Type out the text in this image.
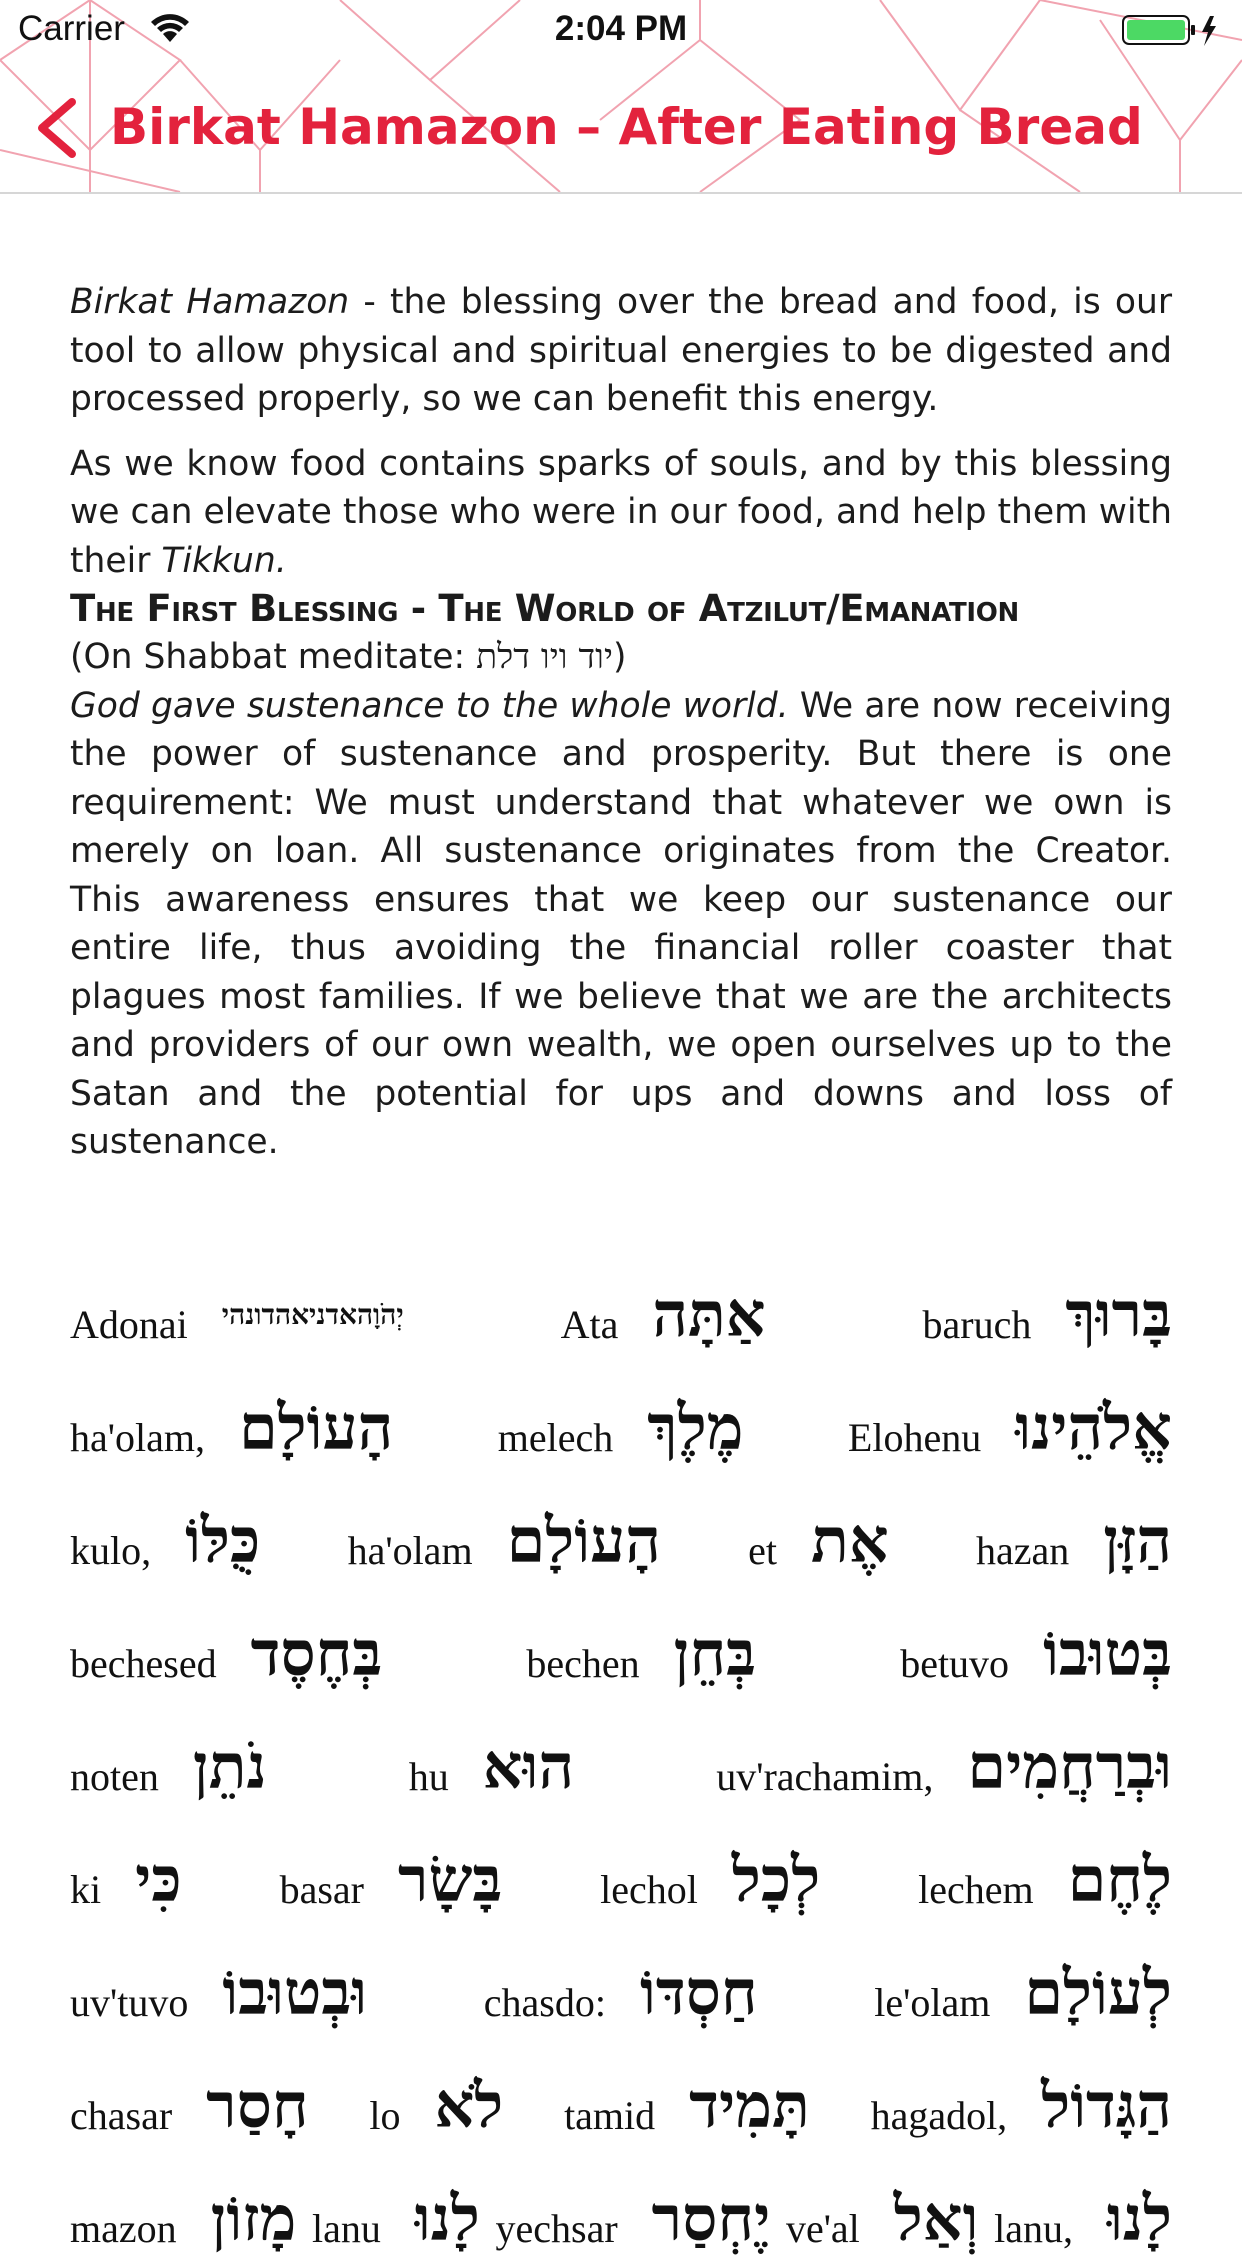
Carrier	2:04 PM
Birkat Hamazon – After Eating Bread

Birkat Hamazon - the blessing over the bread and food, is our tool to allow physical and spiritual energies to be digested and processed properly, so we can benefit this energy.

As we know food contains sparks of souls, and by this blessing we can elevate those who were in our food, and help them with their Tikkun.

The First Blessing - The World of Atzilut/Emanation

(On Shabbat meditate: יוד ויו דלת)

God gave sustenance to the whole world. We are now receiving the power of sustenance and prosperity. But there is one requirement: We must understand that whatever we own is merely on loan. All sustenance originates from the Creator. This awareness ensures that we keep our sustenance our entire life, thus avoiding the financial roller coaster that plagues most families. If we believe that we are the architects and providers of our own wealth, we open ourselves up to the Satan and the potential for ups and downs and loss of sustenance.

בָּרוּךְ
baruch
אַתָּה
Ata
יְהֹוָהאדניאהדונהי
Adonai
אֱלֹהֵינוּ
Elohenu
מֶלֶךְ
melech
הָעוֹלָם
ha'olam,
הַזָּן
hazan
אֶת
et
הָעוֹלָם
ha'olam
כֻּלּוֹ
kulo,
בְּטוּבוֹ
betuvo
בְּחֵן
bechen
בְּחֶסֶד
bechesed
וּבְרַחֲמִים
uv'rachamim,
הוּא
hu
נֹתֵן
noten
לֶחֶם
lechem
לְכָל
lechol
בָּשָׂר
basar
כִּי
ki
לְעוֹלָם
le'olam
חַסְדּוֹ
chasdo:
וּבְטוּבוֹ
uv'tuvo
הַגָּדוֹל
hagadol,
תָּמִיד
tamid
לֹא
lo
חָסַר
chasar
לָנוּ
lanu,
וְאַל
ve'al
יֶחְסַר
yechsar
לָנוּ
lanu
מָזוֹן
mazon
